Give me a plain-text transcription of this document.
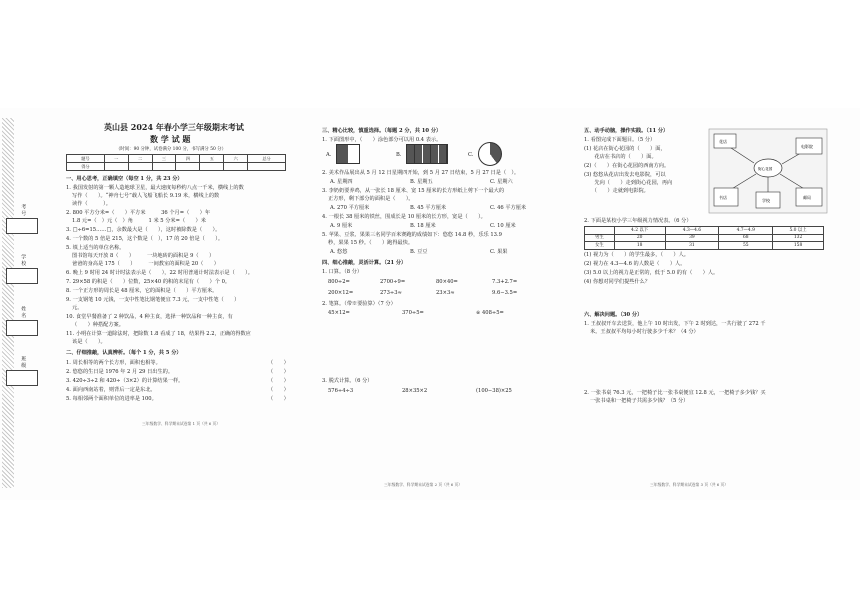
考 号
学 校
姓 名
班 级
英山县 2024 年春小学三年级期末考试
数 学 试 题
（时间：90 分钟，试卷满分 100 分，书写满分 50 分）
题号	一	二	三	四	五	六	总分
得分							
一、用心思考，正确填空（每空 1 分，共 23 分）
1. 我国发射的第一颗人造地球卫星，最大速度每秒约八点一千米，横线上的数
写作（　　）。“神舟七号”载人飞船飞船长 9.19 米，横线上的数
读作（　　　）。
2. 800 平方分米=（　　）平方米　　　36 个月=（　　）年
1.8 元=（　）元（　）角　　　1 米 5 分米=（　　）米
3. □÷6=15……□，余数最大是（　　），这时被除数是（　　）。
4. 一个数的 5 倍是 215，这个数是（　），17 的 20 倍是（　　）。
5. 填上适当的单位名称。
图书馆每天开放 8（　　）　　　一块地砖的面积是 9（　　）
爸爸的身高是 175（　　）　　　一间教室的面积是 20（　　）
6. 晚上 9 时用 24 时计时法表示是（　　），22 时用普通计时法表示是（　　）。
7. 29×58 的积是（　　）位数，25×40 的积的末尾有（　　）个 0。
8. 一个正方形的周长是 48 厘米，它的面积是（　　）平方厘米。
9. 一支钢笔 10 元钱，一支中性笔比钢笔便宜 7.3 元，一支中性笔（　　）
元。
10. 食堂早餐准备了 2 种饮品，4 种主食，选择一种饮品和一种主食，有
（　　）种搭配方案。
11. 小明在计算一道除法时，把除数 1.8 看成了 18，结果得 2.2，正确的得数应
该是（　　）。
二、仔细推敲，认真辨析。（每个 1 分，共 5 分）
1. 周长相等的两个长方形，面积也相等。	（　　）
2. 悠悠的生日是 1976 年 2 月 29 日出生的。	（　　）
3. 420÷3÷2 和 420÷（3×2）的计算结果一样。	（　　）
4. 面向西南站着，则背后一定是东北。	（　　）
5. 每相邻两个面积单位的进率是 100。	（　　）
三年级数学、科学期末试卷第 1 页（共 6 页）
三、精心比较，慎重选择。（每题 2 分，共 10 分）
1. 下面图形中，（　　）涂色部分可以用 0.4 表示。
A.	B.	C.
2. 美术作品展出从 5 月 12 日星期四开始，到 5 月 27 日结束，5 月 27 日是（　）。
A. 星期四	B. 星期五	C. 星期六
3. 李奶奶要养鸡，从一张长 18 厘米、宽 15 厘米的长方形纸上剪下一个最大的
正方形，剩下部分的面积是（　　）。
A. 270 平方厘米	B. 45 平方厘米	C. 46 平方厘米
4. 一根长 38 厘米的铁丝，围成长是 10 厘米的长方形，宽是（　　）。
A. 9 厘米	B. 18 厘米	C. 10 厘米
5. 苹果、豆浆、果果三名同学百米赛跑的成绩如下：悠悠 14.8 秒，乐乐 13.9
秒，果果 15 秒。（　　）跑得最快。
A. 悠悠	B. 豆豆	C. 果果
四、细心推敲，灵活计算。（21 分）
1. 口算。（8 分）
800÷2=	2700÷9=	80×40=	7.3+2.7=
200×12=	273÷3≈	23×3≈	9.6−3.5=
2. 笔算。（带※要验算）（7 分）
45×12=	370÷5=	※ 408÷5=
3. 脱式计算。（6 分）
576÷4÷3	28×35×2	(100−38)×25
三年级数学、科学期末试卷第 2 页（共 6 页）
五、动手动脑，操作实践。（11 分）
1. 看图完成下面题目。（5 分）
(1) 花店在街心花园的（　　）面，
　　花店在书店的（　　）面。
(2)（　　）在街心花园的西南方向。
(3) 悠悠从花店出发去电影院，可以
　　先向（　　）走到街心花园，再向
　　（　　）走就到电影院。
花店
街心花园
电影院
书店
学校
邮局
2. 下面是某校小学三年级视力情况表。（6 分）
	4.2 以下	4.3—4.6	4.7—4.9	5.0 以上
男生	20	39	68	132
女生	18	31	55	158
(1) 视力为（　　）的学生最多，（　　）人。
(2) 视力在 4.3—4.6 的人数是（　　）人。
(3) 5.0 以上的视力是正常的，低于 5.0 的有（　　）人。
(4) 你想对同学们提些什么？
六、解决问题。（30 分）
1. 王叔叔开车去送货，他上午 10 时出发，下午 2 时到达，一共行驶了 272 千
米。王叔叔平均每小时行驶多少千米？（4 分）
2. 一张书桌 76.3 元，一把椅子比一张书桌便宜 12.8 元，一把椅子多少钱？买
一张书桌和一把椅子共需多少钱？（5 分）
三年级数学、科学期末试卷第 3 页（共 6 页）
